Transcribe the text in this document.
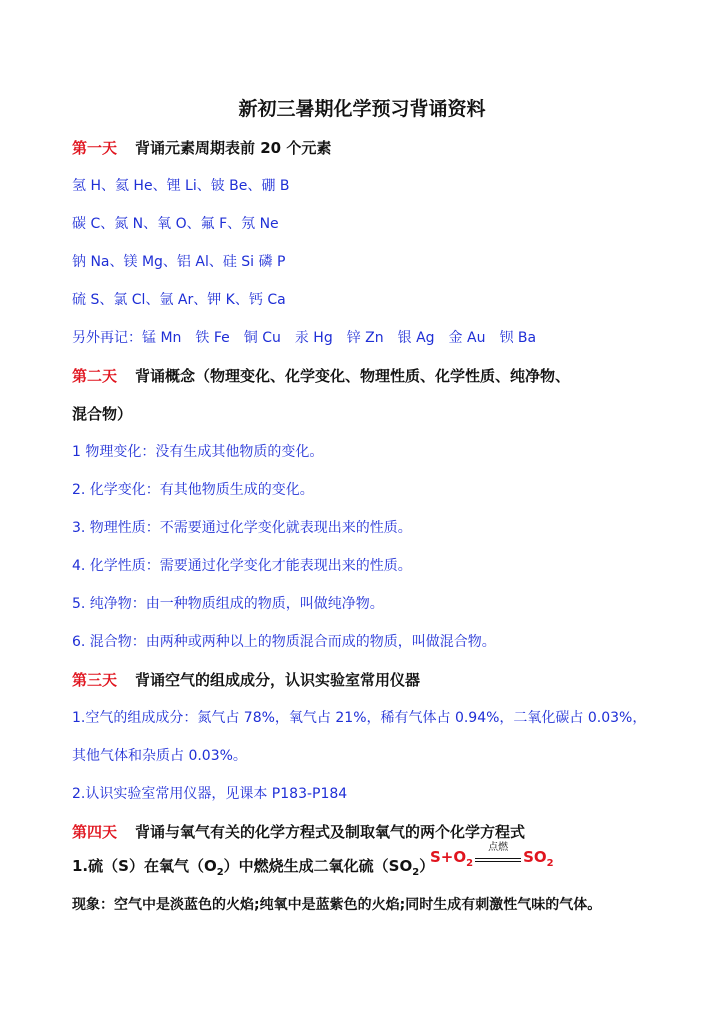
新初三暑期化学预习背诵资料
第一天 背诵元素周期表前 20 个元素
氢 H、氦 He、锂 Li、铍 Be、硼 B
碳 C、氮 N、氧 O、氟 F、氖 Ne
钠 Na、镁 Mg、铝 Al、硅 Si 磷 P
硫 S、氯 Cl、氩 Ar、钾 K、钙 Ca
另外再记：锰 Mn　铁 Fe　铜 Cu　汞 Hg　锌 Zn　银 Ag　金 Au　钡 Ba
第二天 背诵概念（物理变化、化学变化、物理性质、化学性质、纯净物、
混合物）
1 物理变化：没有生成其他物质的变化。
2. 化学变化：有其他物质生成的变化。
3. 物理性质：不需要通过化学变化就表现出来的性质。
4. 化学性质：需要通过化学变化才能表现出来的性质。
5. 纯净物：由一种物质组成的物质，叫做纯净物。
6. 混合物：由两种或两种以上的物质混合而成的物质，叫做混合物。
第三天 背诵空气的组成成分，认识实验室常用仪器
1.空气的组成成分：氮气占 78%，氧气占 21%，稀有气体占 0.94%，二氧化碳占 0.03%，
其他气体和杂质占 0.03%。
2.认识实验室常用仪器，见课本 P183-P184
第四天 背诵与氧气有关的化学方程式及制取氧气的两个化学方程式
1.硫（S）在氧气$(O_2)$中燃烧生成二氧化硫$(SO_2)$
$S+O_2$
点燃
$SO_2$
现象：空气中是淡蓝色的火焰;纯氧中是蓝紫色的火焰;同时生成有刺激性气味的气体。
